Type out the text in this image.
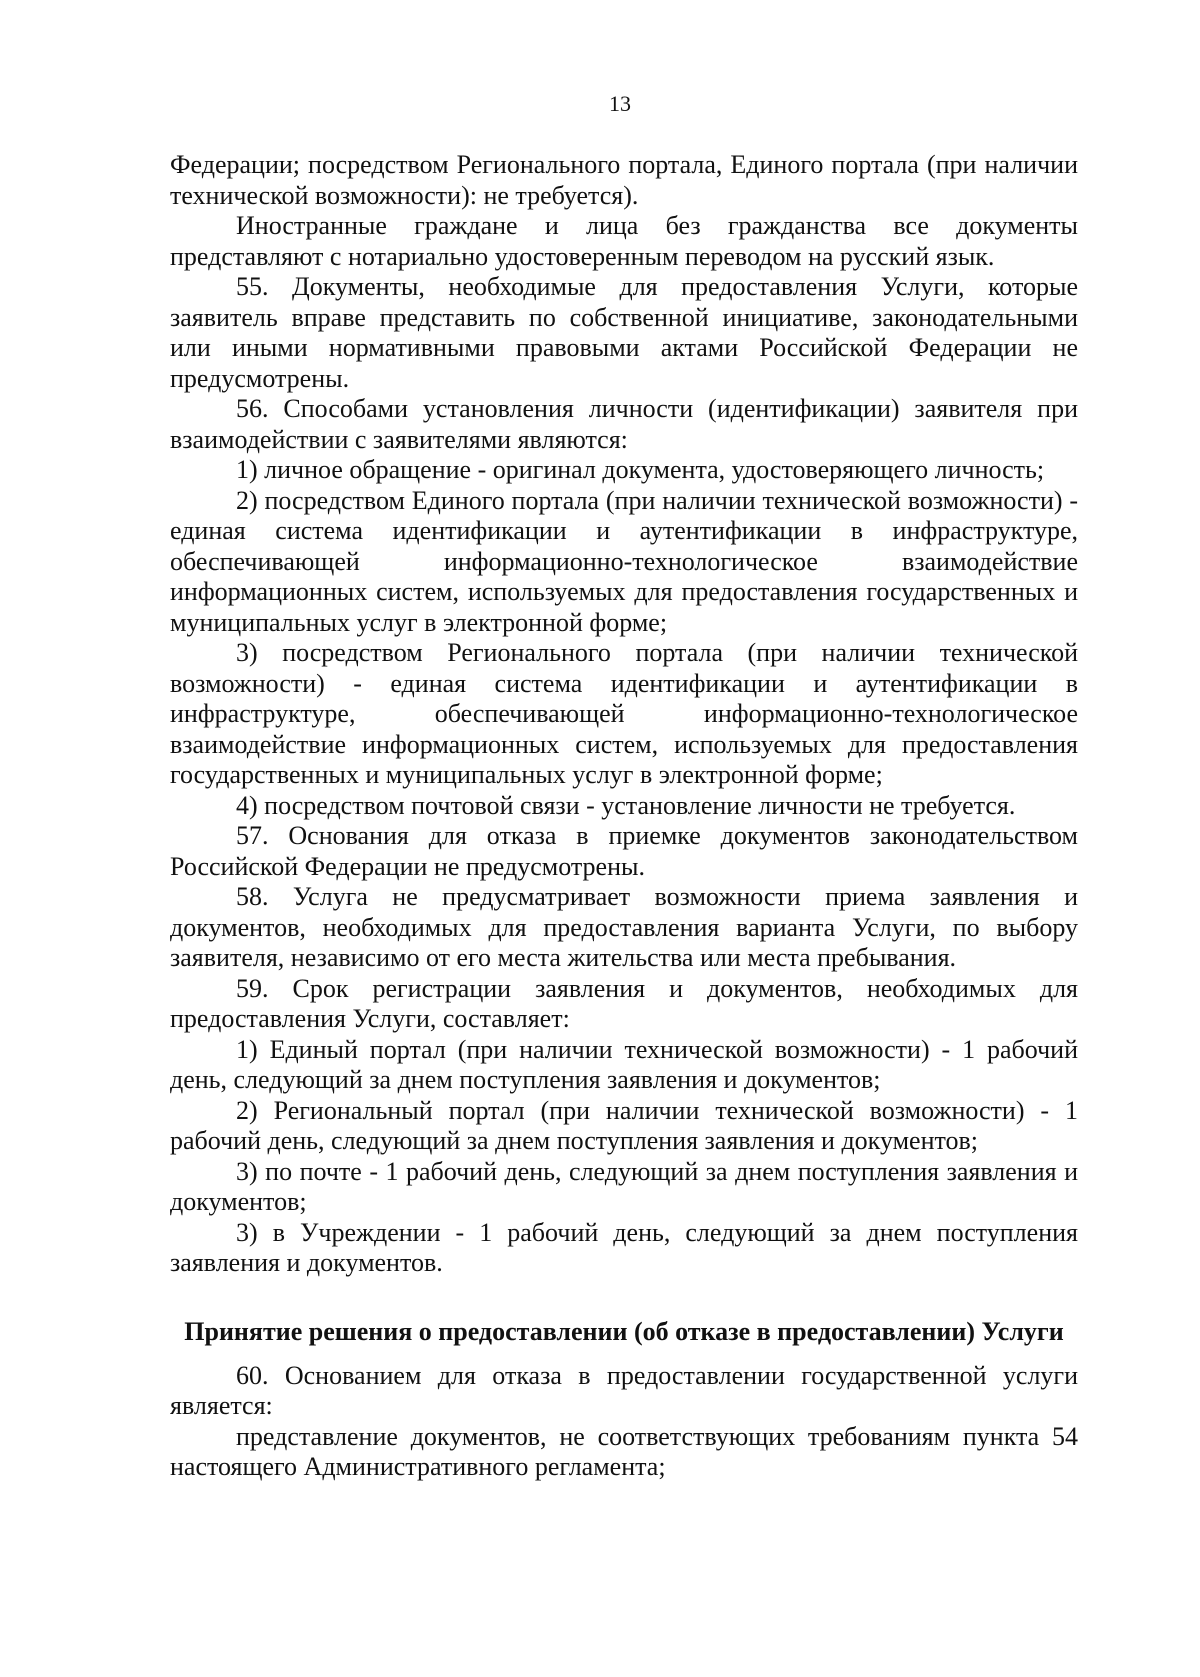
13

Федерации; посредством Регионального портала, Единого портала (при наличии технической возможности): не требуется).

Иностранные граждане и лица без гражданства все документы представляют с нотариально удостоверенным переводом на русский язык.

55. Документы, необходимые для предоставления Услуги, которые заявитель вправе представить по собственной инициативе, законодательными или иными нормативными правовыми актами Российской Федерации не предусмотрены.

56. Способами установления личности (идентификации) заявителя при взаимодействии с заявителями являются:

1) личное обращение - оригинал документа, удостоверяющего личность;

2) посредством Единого портала (при наличии технической возможности) - единая система идентификации и аутентификации в инфраструктуре, обеспечивающей информационно-технологическое взаимодействие информационных систем, используемых для предоставления государственных и муниципальных услуг в электронной форме;

3) посредством Регионального портала (при наличии технической возможности) - единая система идентификации и аутентификации в инфраструктуре, обеспечивающей информационно-технологическое взаимодействие информационных систем, используемых для предоставления государственных и муниципальных услуг в электронной форме;

4) посредством почтовой связи - установление личности не требуется.

57. Основания для отказа в приемке документов законодательством Российской Федерации не предусмотрены.

58. Услуга не предусматривает возможности приема заявления и документов, необходимых для предоставления варианта Услуги, по выбору заявителя, независимо от его места жительства или места пребывания.

59. Срок регистрации заявления и документов, необходимых для предоставления Услуги, составляет:

1) Единый портал (при наличии технической возможности) - 1 рабочий день, следующий за днем поступления заявления и документов;

2) Региональный портал (при наличии технической возможности) - 1 рабочий день, следующий за днем поступления заявления и документов;

3) по почте - 1 рабочий день, следующий за днем поступления заявления и документов;

3) в Учреждении - 1 рабочий день, следующий за днем поступления заявления и документов.

Принятие решения о предоставлении (об отказе в предоставлении) Услуги

60. Основанием для отказа в предоставлении государственной услуги является:

представление документов, не соответствующих требованиям пункта 54 настоящего Административного регламента;
